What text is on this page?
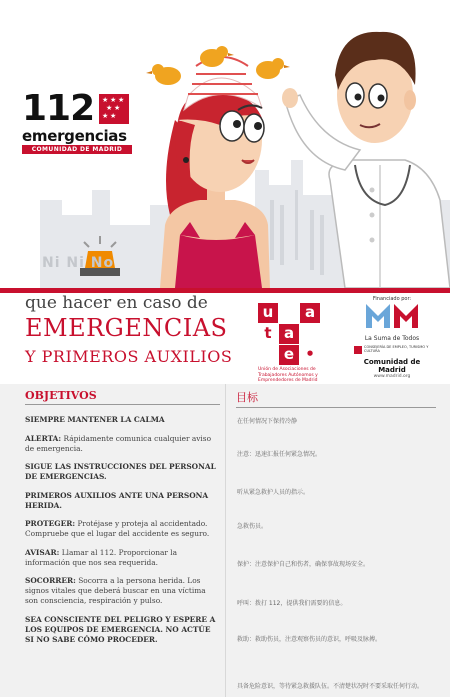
112	★ ★ ★
★ ★
★ ★
emergencias
COMUNIDAD DE MADRID
Ni Ni No
que hacer en caso de
EMERGENCIAS
Y PRIMEROS AUXILIOS
u	a
t a
e •
Unión de Asociaciones de Trabajadores Autónomos y Emprendedores de Madrid
Financiado por:
La Suma de Todos
CONSEJERÍA DE EMPLEO, TURISMO Y CULTURA
Comunidad de Madrid
www.madrid.org
OBJETIVOS

SIEMPRE MANTENER LA CALMA

ALERTA: Rápidamente comunica cualquier aviso de emergencia.

SIGUE LAS INSTRUCCIONES DEL PERSONAL DE EMERGENCIAS.

PRIMEROS AUXILIOS ANTE UNA PERSONA HERIDA.

PROTEGER: Protéjase y proteja al accidentado. Compruebe que el lugar del accidente es seguro.

AVISAR: Llamar al 112. Proporcionar la información que nos sea requerida.

SOCORRER: Socorra a la persona herida. Los signos vitales que deberá buscar en una víctima son consciencia, respiración y pulso.

SEA CONSCIENTE DEL PELIGRO Y ESPERE A LOS EQUIPOS DE EMERGENCIA. NO ACTÚE SI NO SABE CÓMO PROCEDER.

目标
在任何情况下保持冷静
注意：迅速汇报任何紧急情况。
听从紧急救护人员的指示。
急救伤员。
保护：注意保护自己和伤者，确保事故现场安全。
呼叫：拨打 112，提供我们需要的信息。
救助：救助伤员，注意观察伤员的意识，呼吸及脉搏。
具备危险意识，等待紧急救援队伍。不清楚状况时不要采取任何行动。
